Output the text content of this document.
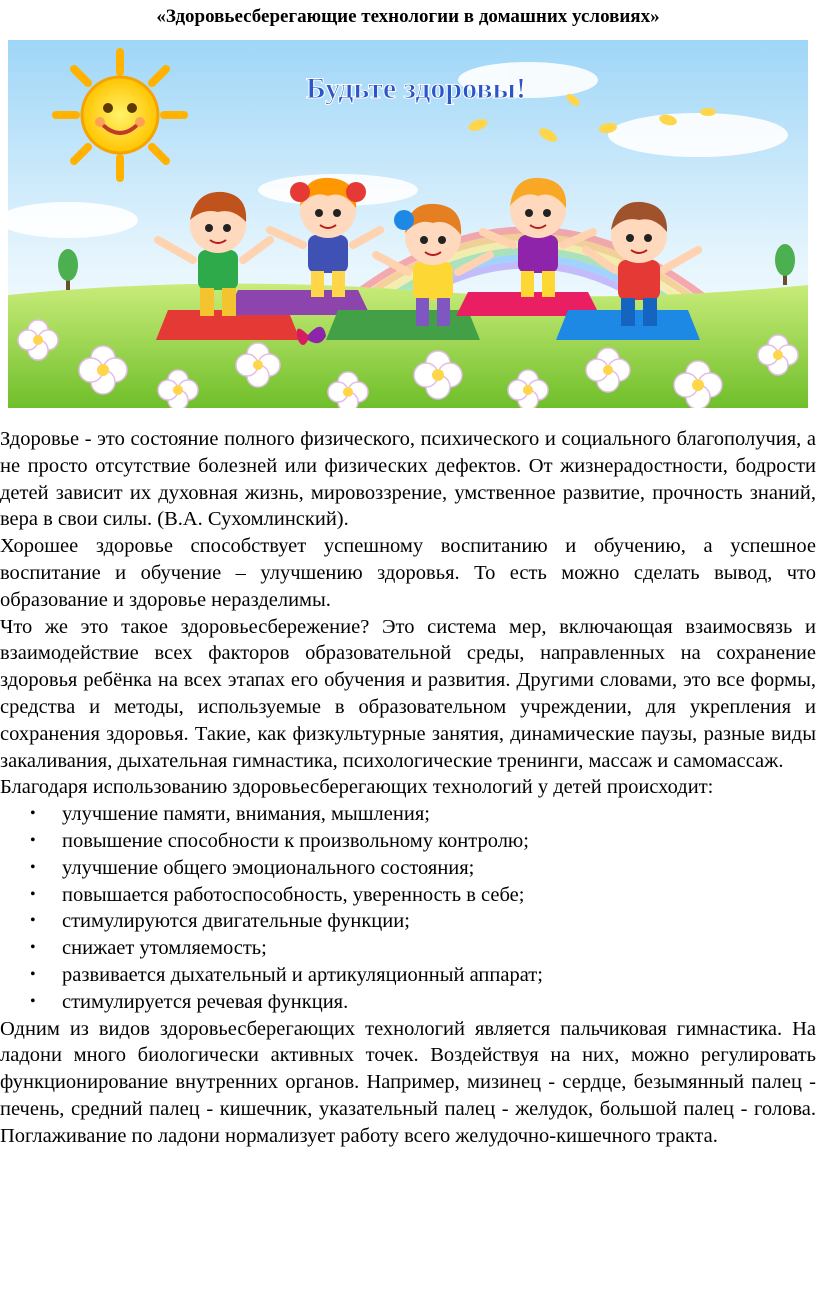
«Здоровьесберегающие технологии в домашних условиях»
Будьте здоровы!

Здоровье - это состояние полного физического, психического и социального благополучия, а не просто отсутствие болезней или физических дефектов. От жизнерадостности, бодрости детей зависит их духовная жизнь, мировоззрение, умственное развитие, прочность знаний, вера в свои силы. (В.А. Сухомлинский).

Хорошее здоровье способствует успешному воспитанию и обучению, а успешное воспитание и обучение – улучшению здоровья. То есть можно сделать вывод, что образование и здоровье неразделимы.

Что же это такое здоровьесбережение? Это система мер, включающая взаимосвязь и взаимодействие всех факторов образовательной среды, направленных на сохранение здоровья ребёнка на всех этапах его обучения и развития. Другими словами, это все формы, средства и методы, используемые в образовательном учреждении, для укрепления и сохранения здоровья. Такие, как физкультурные занятия, динамические паузы, разные виды закаливания, дыхательная гимнастика, психологические тренинги, массаж и самомассаж.

Благодаря использованию здоровьесберегающих технологий у детей происходит:

• улучшение памяти, внимания, мышления;
• повышение способности к произвольному контролю;
• улучшение общего эмоционального состояния;
• повышается работоспособность, уверенность в себе;
• стимулируются двигательные функции;
• снижает утомляемость;
• развивается дыхательный и артикуляционный аппарат;
• стимулируется речевая функция.

Одним из видов здоровьесберегающих технологий является пальчиковая гимнастика. На ладони много биологически активных точек. Воздействуя на них, можно регулировать функционирование внутренних органов. Например, мизинец - сердце, безымянный палец - печень, средний палец - кишечник, указательный палец - желудок, большой палец - голова. Поглаживание по ладони нормализует работу всего желудочно-кишечного тракта.
